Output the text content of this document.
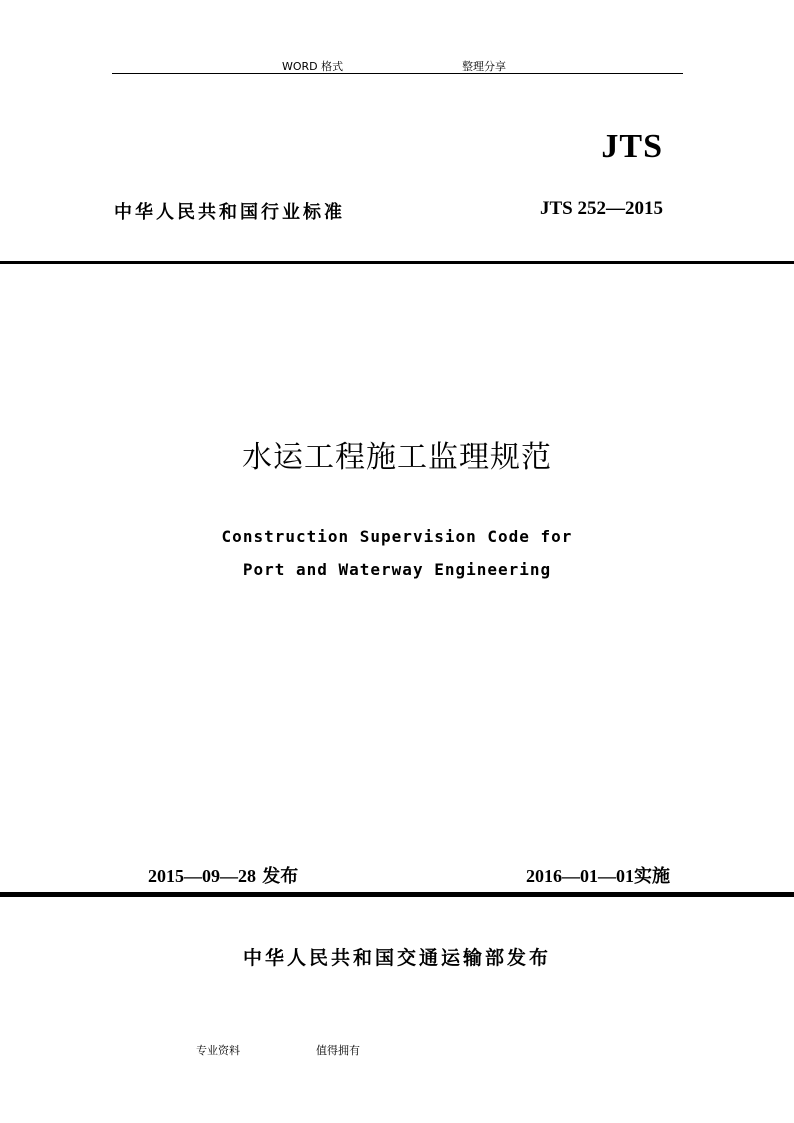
WORD 格式	整理分享
JTS
中华人民共和国行业标准	JTS 252—2015
水运工程施工监理规范
Construction Supervision Code for
Port and Waterway Engineering
2015—09—28 发布	2016—01—01实施
中华人民共和国交通运输部发布
专业资料	值得拥有
